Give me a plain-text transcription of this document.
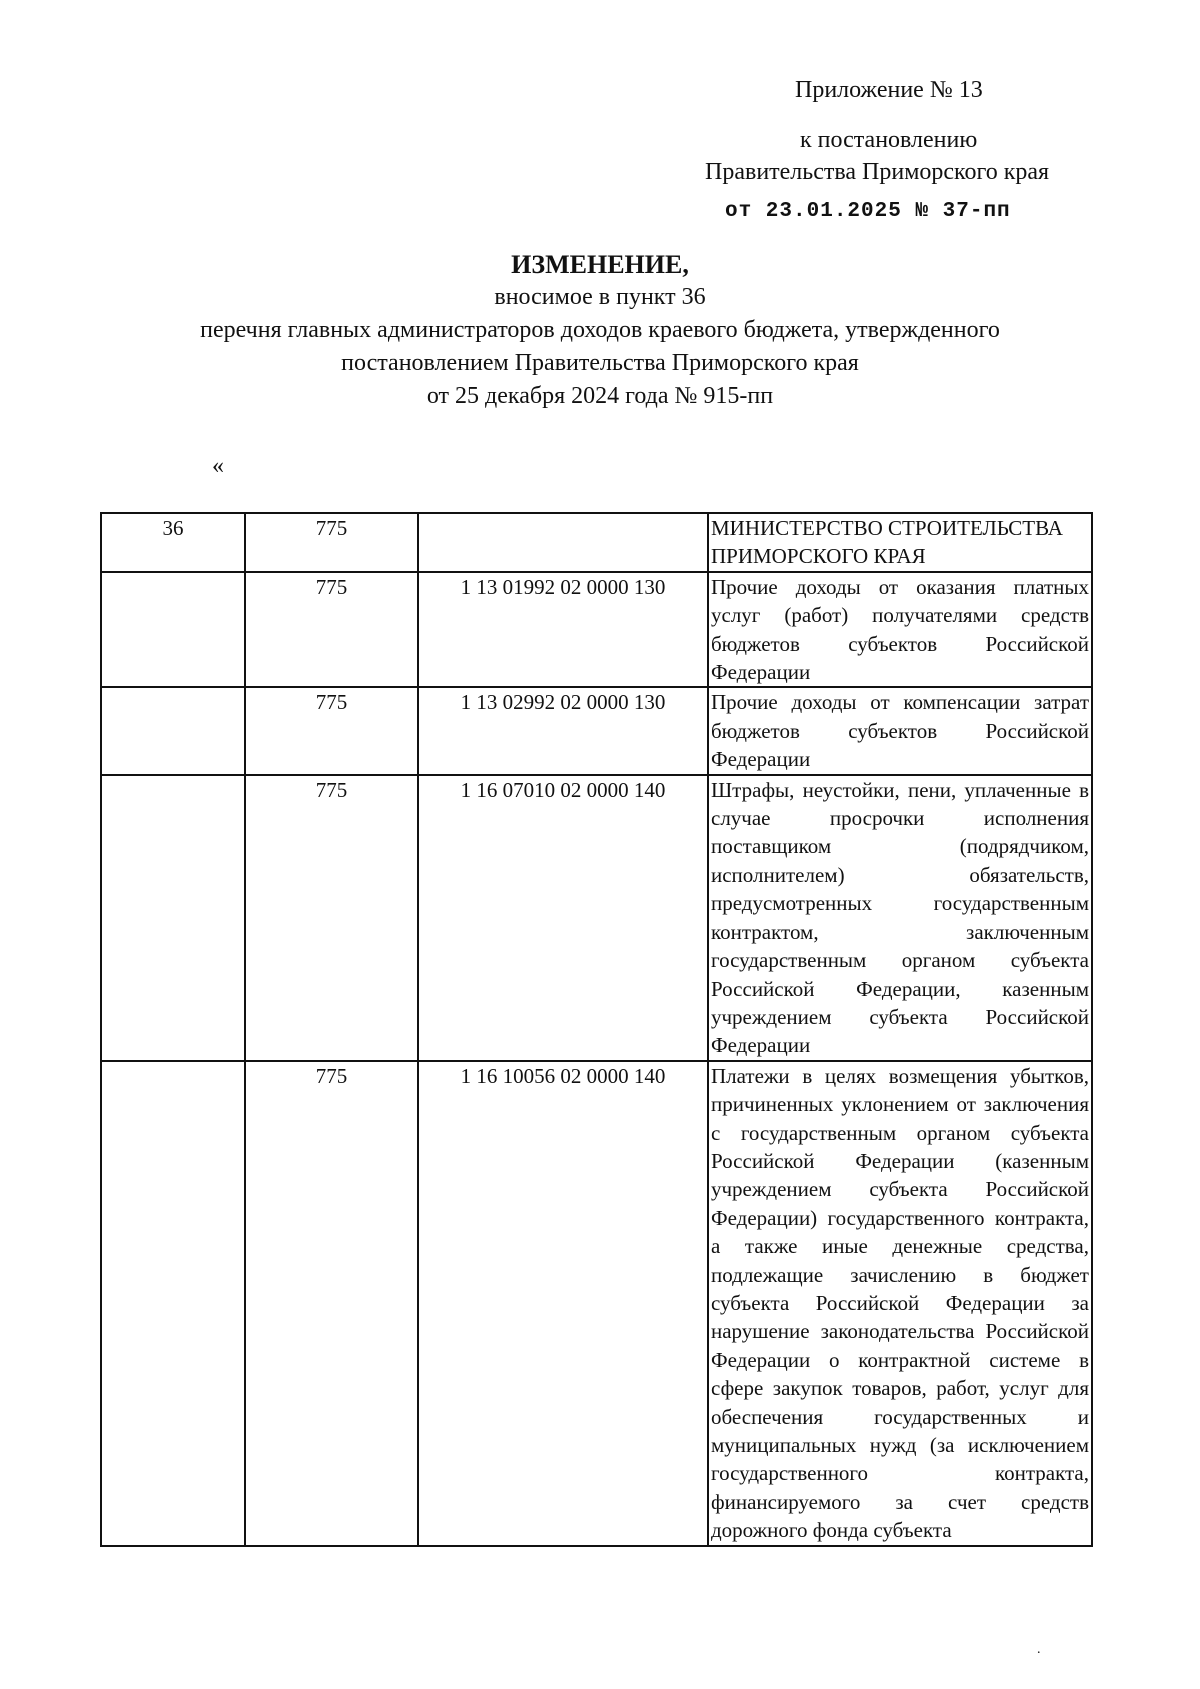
Приложение № 13
к постановлению
Правительства Приморского края
от 23.01.2025 № 37-пп
ИЗМЕНЕНИЕ,
вносимое в пункт 36
перечня главных администраторов доходов краевого бюджета, утвержденного
постановлением Правительства Приморского края
от 25 декабря 2024 года № 915-пп
«
36	775		МИНИСТЕРСТВО СТРОИТЕЛЬСТВА ПРИМОРСКОГО КРАЯ
	775	1 13 01992 02 0000 130	Прочие доходы от оказания платных услуг (работ) получателями средств бюджетов субъектов Российской Федерации
	775	1 13 02992 02 0000 130	Прочие доходы от компенсации затрат бюджетов субъектов Российской Федерации
	775	1 16 07010 02 0000 140	Штрафы, неустойки, пени, уплаченные в случае просрочки исполнения поставщиком (подрядчиком, исполнителем) обязательств, предусмотренных государственным контрактом, заключенным государственным органом субъекта Российской Федерации, казенным учреждением субъекта Российской Федерации
	775	1 16 10056 02 0000 140	Платежи в целях возмещения убытков, причиненных уклонением от заключения с государственным органом субъекта Российской Федерации (казенным учреждением субъекта Российской Федерации) государственного контракта, а также иные денежные средства, подлежащие зачислению в бюджет субъекта Российской Федерации за нарушение законодательства Российской Федерации о контрактной системе в сфере закупок товаров, работ, услуг для обеспечения государственных и муниципальных нужд (за исключением государственного контракта, финансируемого за счет средств дорожного фонда субъекта
.
